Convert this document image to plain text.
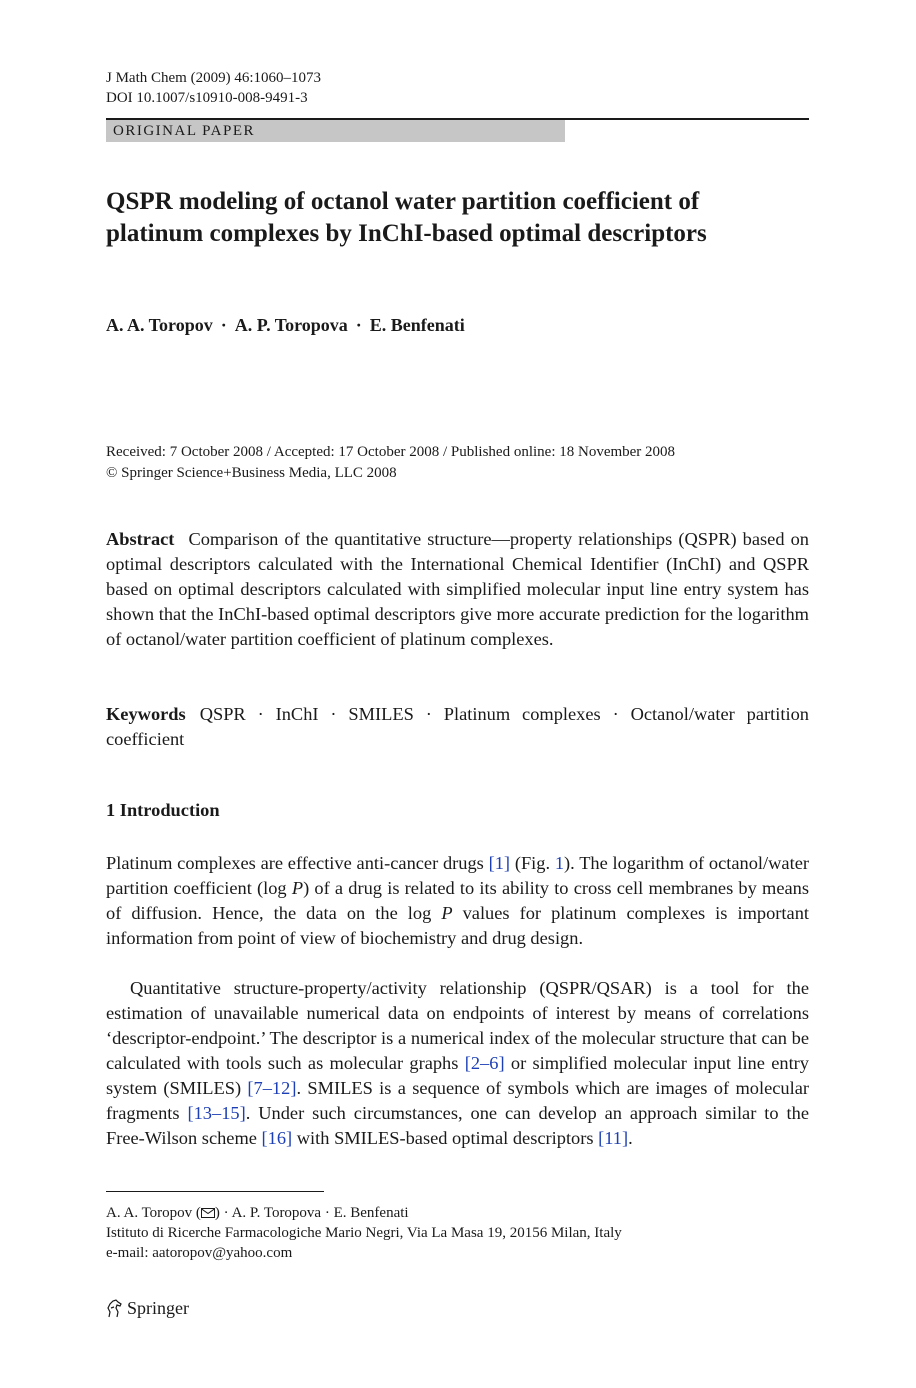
J Math Chem (2009) 46:1060–1073
DOI 10.1007/s10910-008-9491-3
ORIGINAL PAPER
QSPR modeling of octanol water partition coefficient of platinum complexes by InChI-based optimal descriptors
A. A. Toropov · A. P. Toropova · E. Benfenati
Received: 7 October 2008 / Accepted: 17 October 2008 / Published online: 18 November 2008
© Springer Science+Business Media, LLC 2008

Abstract Comparison of the quantitative structure—property relationships (QSPR) based on optimal descriptors calculated with the International Chemical Identifier (InChI) and QSPR based on optimal descriptors calculated with simplified molecular input line entry system has shown that the InChI-based optimal descriptors give more accurate prediction for the logarithm of octanol/water partition coefficient of platinum complexes.

Keywords QSPR · InChI · SMILES · Platinum complexes · Octanol/water partition coefficient

1 Introduction

Platinum complexes are effective anti-cancer drugs [1] (Fig. 1). The logarithm of octanol/water partition coefficient (log P) of a drug is related to its ability to cross cell membranes by means of diffusion. Hence, the data on the log P values for platinum complexes is important information from point of view of biochemistry and drug design.

Quantitative structure-property/activity relationship (QSPR/QSAR) is a tool for the estimation of unavailable numerical data on endpoints of interest by means of correlations ‘descriptor-endpoint.’ The descriptor is a numerical index of the molecular structure that can be calculated with tools such as molecular graphs [2–6] or simplified molecular input line entry system (SMILES) [7–12]. SMILES is a sequence of symbols which are images of molecular fragments [13–15]. Under such circumstances, one can develop an approach similar to the Free-Wilson scheme [16] with SMILES-based optimal descriptors [11].

A. A. Toropov ( ) · A. P. Toropova · E. Benfenati
Istituto di Ricerche Farmacologiche Mario Negri, Via La Masa 19, 20156 Milan, Italy
e-mail: aatoropov@yahoo.com
Springer
